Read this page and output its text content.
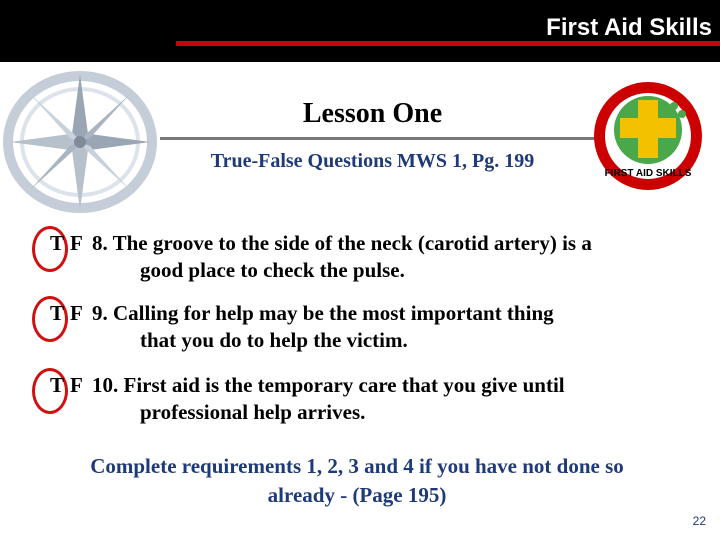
First Aid Skills
Lesson One
True-False Questions MWS 1, Pg. 199
FIRST AID SKILLS
T F 8. The groove to the side of the neck (carotid artery) is a
good place to check the pulse.
T F 9. Calling for help may be the most important thing
that you do to help the victim.
T F 10. First aid is the temporary care that you give until
professional help arrives.
Complete requirements 1, 2, 3 and 4 if you have not done so
already - (Page 195)
22
